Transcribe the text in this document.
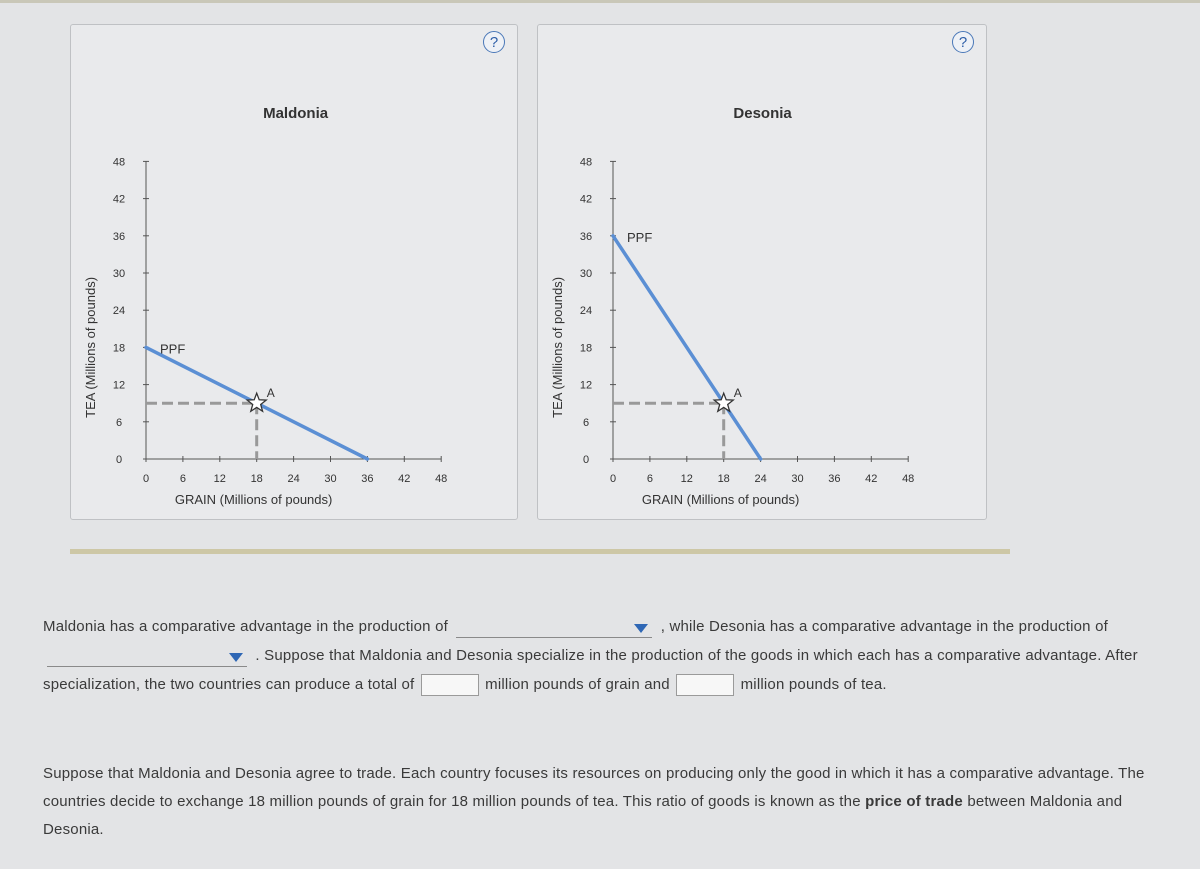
?
Maldonia
0	6	12 18 24 30 36 42 48
0
6
12
18
24
30
36
42
48
GRAIN (Millions of pounds)
TEA (Millions of pounds)	PPF
A
?
Desonia
0	6	12 18 24 30 36 42 48
0
6
12
18
24
30
36
42
48
GRAIN (Millions of pounds)
TEA (Millions of pounds)
PPF
A
Maldonia has a comparative advantage in the production of	, while Desonia has a comparative advantage in the production of
. Suppose that Maldonia and Desonia specialize in the production of the goods in which each has a comparative advantage. After specialization, the two countries can produce a total of	million pounds of grain and	million pounds of tea.
Suppose that Maldonia and Desonia agree to trade. Each country focuses its resources on producing only the good in which it has a comparative advantage. The countries decide to exchange 18 million pounds of grain for 18 million pounds of tea. This ratio of goods is known as the price of trade between Maldonia and Desonia.
